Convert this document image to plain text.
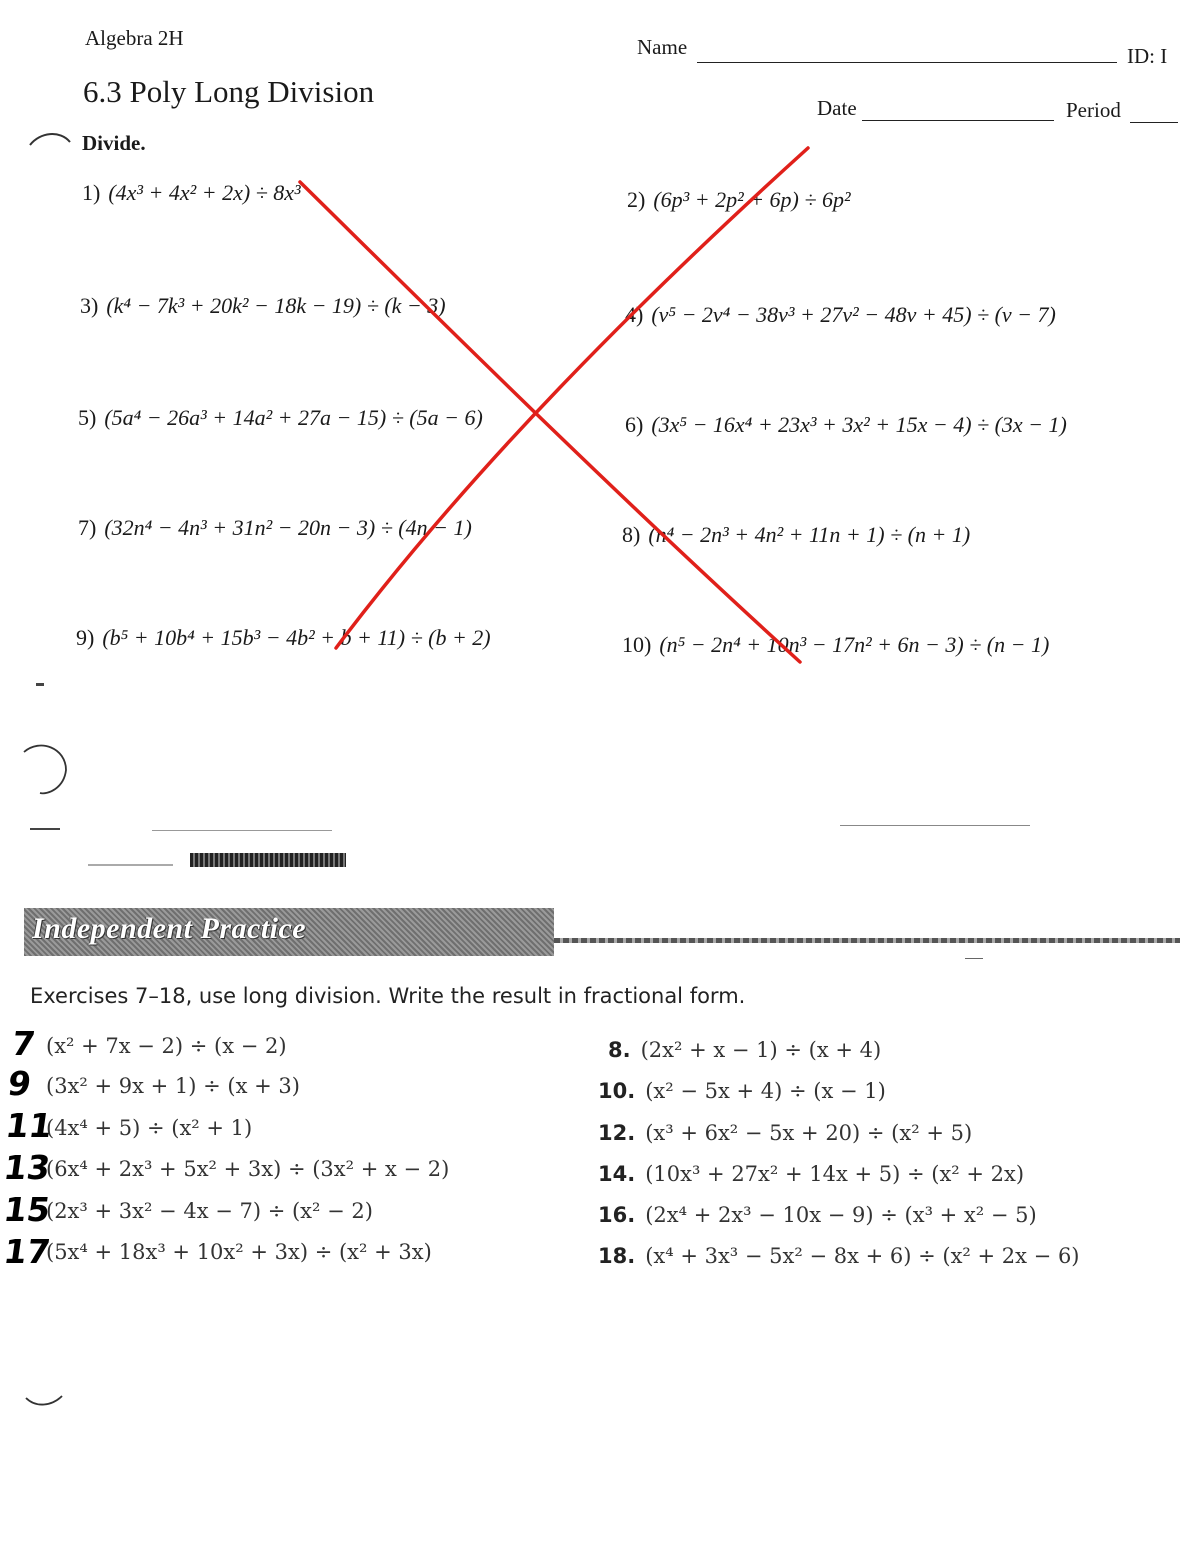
Algebra 2H
6.3 Poly Long Division
Name	ID: I
Date	Period
Divide.
1) (4x³ + 4x² + 2x) ÷ 8x³	2) (6p³ + 2p² + 6p) ÷ 6p²
3) (k⁴ − 7k³ + 20k² − 18k − 19) ÷ (k − 3)	4) (v⁵ − 2v⁴ − 38v³ + 27v² − 48v + 45) ÷ (v − 7)
5) (5a⁴ − 26a³ + 14a² + 27a − 15) ÷ (5a − 6)	6) (3x⁵ − 16x⁴ + 23x³ + 3x² + 15x − 4) ÷ (3x − 1)
7) (32n⁴ − 4n³ + 31n² − 20n − 3) ÷ (4n − 1)	8) (n⁴ − 2n³ + 4n² + 11n + 1) ÷ (n + 1)
9) (b⁵ + 10b⁴ + 15b³ − 4b² + b + 11) ÷ (b + 2)	10) (n⁵ − 2n⁴ + 10n³ − 17n² + 6n − 3) ÷ (n − 1)
Independent Practice
Exercises 7–18, use long division. Write the result in fractional form.
7 (x² + 7x − 2) ÷ (x − 2)
9 (3x² + 9x + 1) ÷ (x + 3)
11
(4x⁴ + 5) ÷ (x² + 1)
13
(6x⁴ + 2x³ + 5x² + 3x) ÷ (3x² + x − 2)
15
(2x³ + 3x² − 4x − 7) ÷ (x² − 2)
17
(5x⁴ + 18x³ + 10x² + 3x) ÷ (x² + 3x)
8. (2x² + x − 1) ÷ (x + 4)
10. (x² − 5x + 4) ÷ (x − 1)
12. (x³ + 6x² − 5x + 20) ÷ (x² + 5)
14. (10x³ + 27x² + 14x + 5) ÷ (x² + 2x)
16. (2x⁴ + 2x³ − 10x − 9) ÷ (x³ + x² − 5)
18. (x⁴ + 3x³ − 5x² − 8x + 6) ÷ (x² + 2x − 6)
